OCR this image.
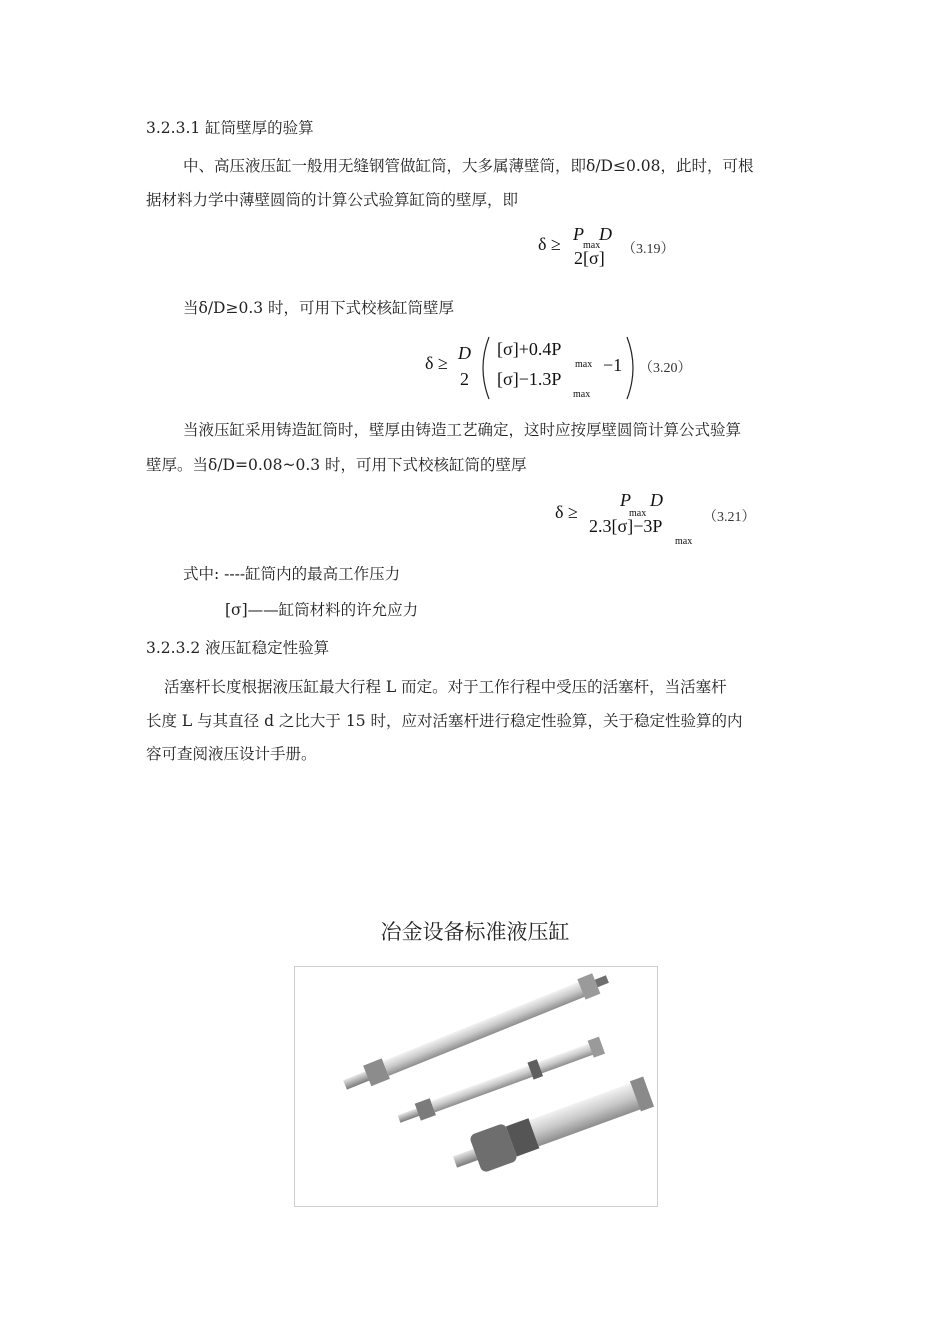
3.2.3.1 缸筒壁厚的验算
中、高压液压缸一般用无缝钢管做缸筒，大多属薄壁筒，即δ/D≤0.08，此时，可根
据材料力学中薄壁圆筒的计算公式验算缸筒的壁厚，即
δ ≥ P
max
D
2[σ] （3.19）
当δ/D≥0.3 时，可用下式校核缸筒壁厚
δ ≥ D
2
[σ]+0.4P
max
[σ]−1.3P
max
−1 （3.20）
当液压缸采用铸造缸筒时，壁厚由铸造工艺确定，这时应按厚壁圆筒计算公式验算
壁厚。当δ/D=0.08~0.3 时，可用下式校核缸筒的壁厚
δ ≥
P
max
D
2.3[σ]−3P
max
（3.21）
式中: ----缸筒内的最高工作压力
[σ]——缸筒材料的许允应力
3.2.3.2 液压缸稳定性验算
活塞杆长度根据液压缸最大行程 L 而定。对于工作行程中受压的活塞杆，当活塞杆
长度 L 与其直径 d 之比大于 15 时，应对活塞杆进行稳定性验算，关于稳定性验算的内
容可查阅液压设计手册。
冶金设备标准液压缸
